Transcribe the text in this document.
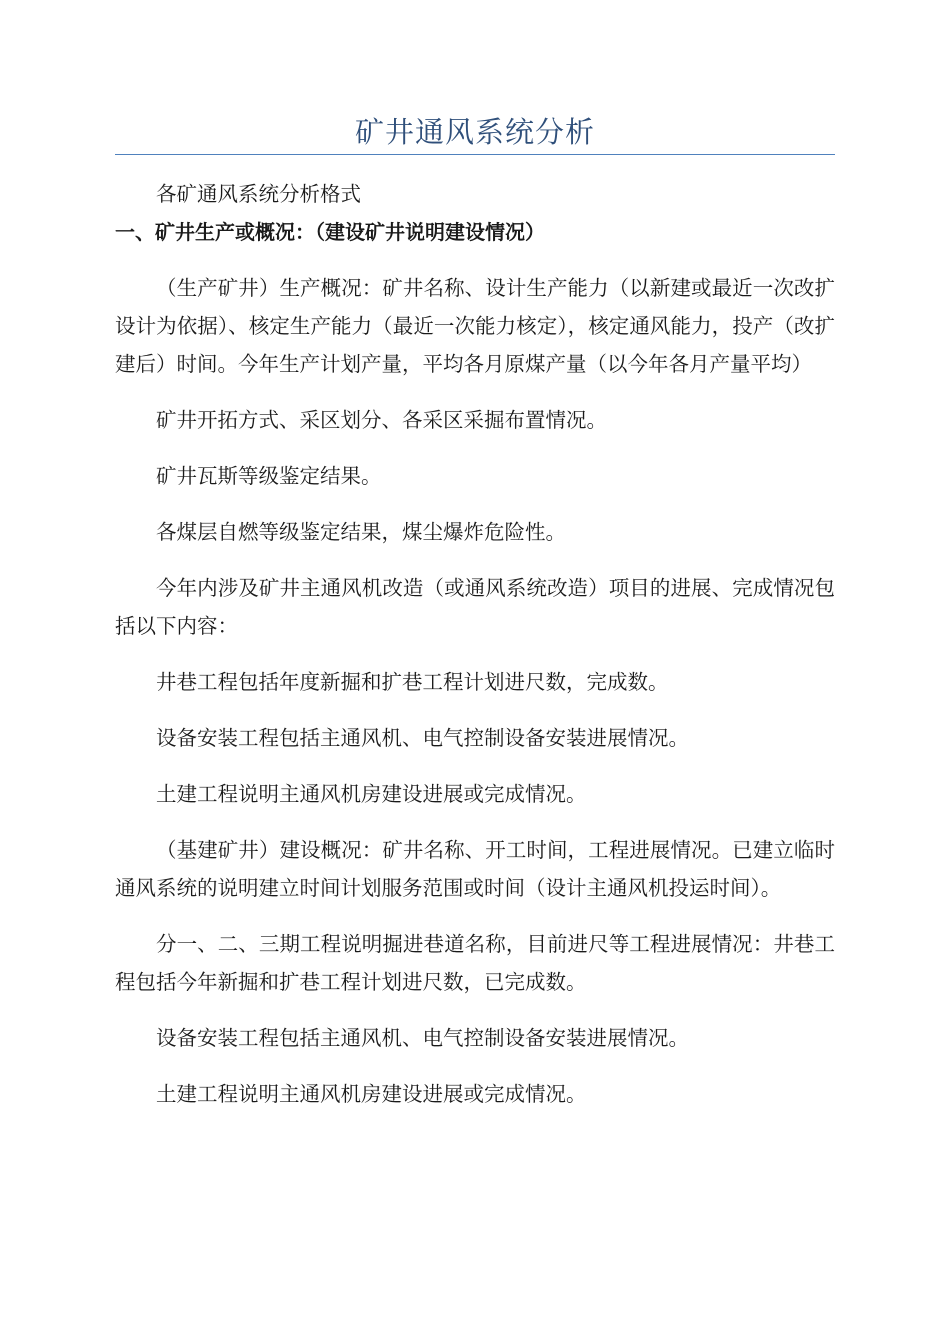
矿井通风系统分析

各矿通风系统分析格式

一、矿井生产或概况：（建设矿井说明建设情况）

（生产矿井）生产概况：矿井名称、设计生产能力（以新建或最近一次改扩设计为依据）、核定生产能力（最近一次能力核定），核定通风能力，投产（改扩建后）时间。今年生产计划产量，平均各月原煤产量（以今年各月产量平均）

矿井开拓方式、采区划分、各采区采掘布置情况。

矿井瓦斯等级鉴定结果。

各煤层自燃等级鉴定结果，煤尘爆炸危险性。

今年内涉及矿井主通风机改造（或通风系统改造）项目的进展、完成情况包括以下内容：

井巷工程包括年度新掘和扩巷工程计划进尺数，完成数。

设备安装工程包括主通风机、电气控制设备安装进展情况。

土建工程说明主通风机房建设进展或完成情况。

（基建矿井）建设概况：矿井名称、开工时间，工程进展情况。已建立临时通风系统的说明建立时间计划服务范围或时间（设计主通风机投运时间）。

分一、二、三期工程说明掘进巷道名称，目前进尺等工程进展情况：井巷工程包括今年新掘和扩巷工程计划进尺数，已完成数。

设备安装工程包括主通风机、电气控制设备安装进展情况。

土建工程说明主通风机房建设进展或完成情况。
